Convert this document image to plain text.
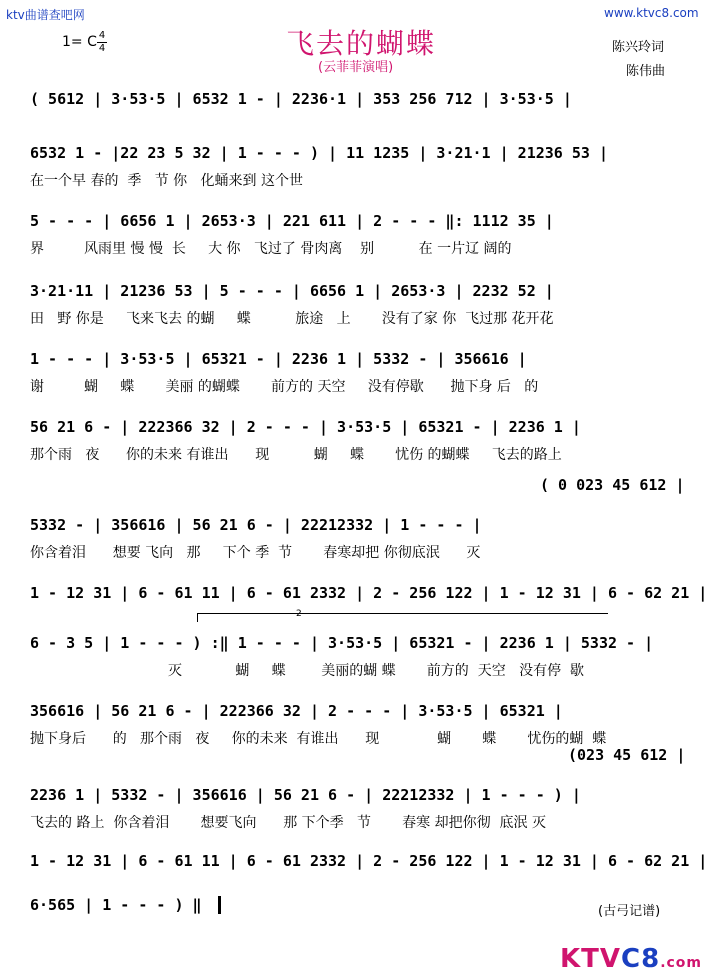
ktv曲谱查吧网	www.ktvc8.com
飞去的蝴蝶
(云菲菲演唱)
陈兴玲词
陈伟曲
1= C 4
4
( 5612 | 3·53·5 | 6532 1 - | 2236·1 | 353 256 712 | 3·53·5 |
6532 1 - |22 23 5 32 | 1 - - - ) | 11 1235 | 3·21·1 | 21236 53 |
在一个早 春的  季   节 你   化蛹来到 这个世
5 - - - | 6656 1 | 2653·3 | 221 611 | 2 - - - ‖: 1112 35 |
界         风雨里 慢 慢  长     大 你   飞过了 骨肉离    别          在 一片辽 阔的
3·21·11 | 21236 53 | 5 - - - | 6656 1 | 2653·3 | 2232 52 |
田   野 你是     飞来飞去 的蝴     蝶          旅途   上       没有了家 你  飞过那 花开花
1 - - - | 3·53·5 | 65321 - | 2236 1 | 5332 - | 356616 |
谢         蝴     蝶       美丽 的蝴蝶       前方的 天空     没有停歇      抛下身 后   的
56 21 6 - | 222366 32 | 2 - - - | 3·53·5 | 65321 - | 2236 1 |
那个雨   夜      你的未来 有谁出      现          蝴     蝶       忧伤 的蝴蝶     飞去的路上
( 0 023 45 612 |
5332 - | 356616 | 56 21 6 - | 22212332 | 1 - - - |
你含着泪      想要 飞向   那     下个 季  节       春寒却把 你彻底泯      灭
1 - 12 31 | 6 - 61 11 | 6 - 61 2332 | 2 - 256 122 | 1 - 12 31 | 6 - 62 21 |
2
6 - 3 5 | 1 - - - ) :‖ 1 - - - | 3·53·5 | 65321 - | 2236 1 | 5332 - |
灭            蝴     蝶        美丽的蝴 蝶       前方的  天空   没有停  歇
356616 | 56 21 6 - | 222366 32 | 2 - - - | 3·53·5 | 65321 |
抛下身后      的   那个雨   夜     你的未来  有谁出      现             蝴       蝶       忧伤的蝴  蝶
(023 45 612 |
2236 1 | 5332 - | 356616 | 56 21 6 - | 22212332 | 1 - - - ) |
飞去的 路上  你含着泪       想要飞向      那 下个季   节       春寒 却把你彻  底泯 灭
1 - 12 31 | 6 - 61 11 | 6 - 61 2332 | 2 - 256 122 | 1 - 12 31 | 6 - 62 21 |
6·565 | 1 - - - ) ‖	(古弓记谱)
KTVC8.com
